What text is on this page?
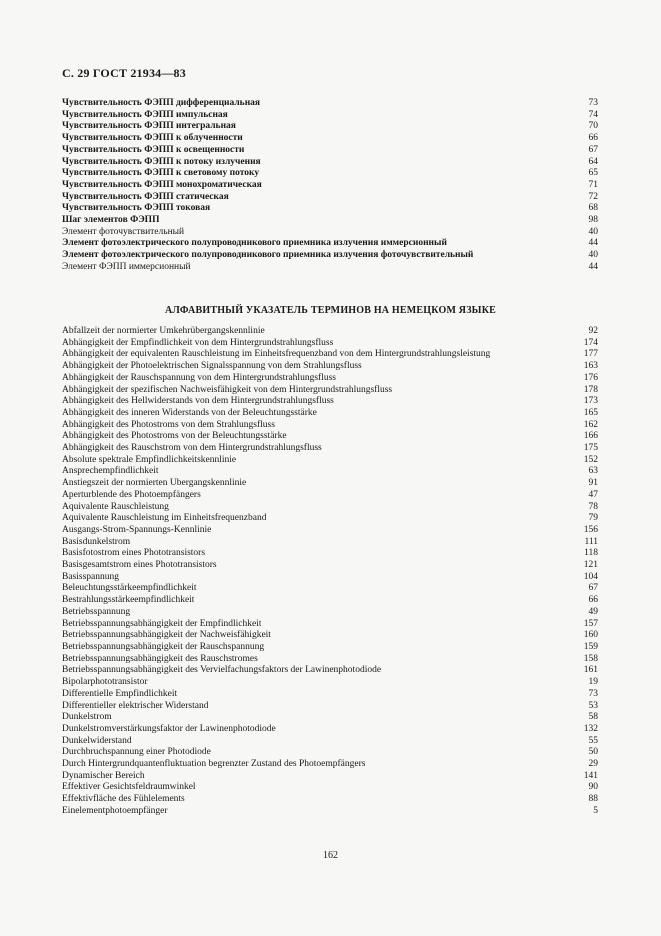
С. 29 ГОСТ 21934—83
Чувствительность ФЭПП дифференциальная	73
Чувствительность ФЭПП импульсная	74
Чувствительность ФЭПП интегральная	70
Чувствительность ФЭПП к облученности	66
Чувствительность ФЭПП к освещенности	67
Чувствительность ФЭПП к потоку излучения	64
Чувствительность ФЭПП к световому потоку	65
Чувствительность ФЭПП монохроматическая	71
Чувствительность ФЭПП статическая	72
Чувствительность ФЭПП токовая	68
Шаг элементов ФЭПП	98
Элемент фоточувствительный	40
Элемент фотоэлектрического полупроводникового приемника излучения иммерсионный	44
Элемент фотоэлектрического полупроводникового приемника излучения фоточувствительный	40
Элемент ФЭПП иммерсионный	44
АЛФАВИТНЫЙ УКАЗАТЕЛЬ ТЕРМИНОВ НА НЕМЕЦКОМ ЯЗЫКЕ
Abfallzeit der normierter Umkehrübergangskennlinie	92
Abhängigkeit der Empfindlichkeit von dem Hintergrundstrahlungsfluss	174
Abhängigkeit der equivalenten Rauschleistung im Einheitsfrequenzband von dem Hintergrundstrahlungsleistung	177
Abhängigkeit der Photoelektrischen Signalsspannung von dem Strahlungsfluss	163
Abhängigkeit der Rauschspannung von dem Hintergrundstrahlungsfluss	176
Abhängigkeit der spezifischen Nachweisfähigkeit von dem Hintergrundstrahlungsfluss	178
Abhängigkeit des Hellwiderstands von dem Hintergrundstrahlungsfluss	173
Abhängigkeit des inneren Widerstands von der Beleuchtungsstärke	165
Abhängigkeit des Photostroms von dem Strahlungsfluss	162
Abhängigkeit des Photostroms von der Beleuchtungsstärke	166
Abhängigkeit des Rauschstrom von dem Hintergrundstrahlungsfluss	175
Absolute spektrale Empfindlichkeitskennlinie	152
Ansprechempfindlichkeit	63
Anstiegszeit der normierten Übergangskennlinie	91
Aperturblende des Photoempfängers	47
Äquivalente Rauschleistung	78
Äquivalente Rauschleistung im Einheitsfrequenzband	79
Ausgangs-Strom-Spannungs-Kennlinie	156
Basisdunkelstrom	111
Basisfotostrom eines Phototransistors	118
Basisgesamtstrom eines Phototransistors	121
Basisspannung	104
Beleuchtungsstärkeempfindlichkeit	67
Bestrahlungsstärkeempfindlichkeit	66
Betriebsspannung	49
Betriebsspannungsabhängigkeit der Empfindlichkeit	157
Betriebsspannungsabhängigkeit der Nachweisfähigkeit	160
Betriebsspannungsabhängigkeit der Rauschspannung	159
Betriebsspannungsabhängigkeit des Rauschstromes	158
Betriebsspannungsabhängigkeit des Vervielfachungsfaktors der Lawinenphotodiode	161
Bipolarphototransistor	19
Differentielle Empfindlichkeit	73
Differentieller elektrischer Widerstand	53
Dunkelstrom	58
Dunkelstromverstärkungsfaktor der Lawinenphotodiode	132
Dunkelwiderstand	55
Durchbruchspannung einer Photodiode	50
Durch Hintergrundquantenfluktuation begrenzter Zustand des Photoempfängers	29
Dynamischer Bereich	141
Effektiver Gesichtsfeldraumwinkel	90
Effektivfläche des Fühlelements	88
Einelementphotoempfänger	5
162
